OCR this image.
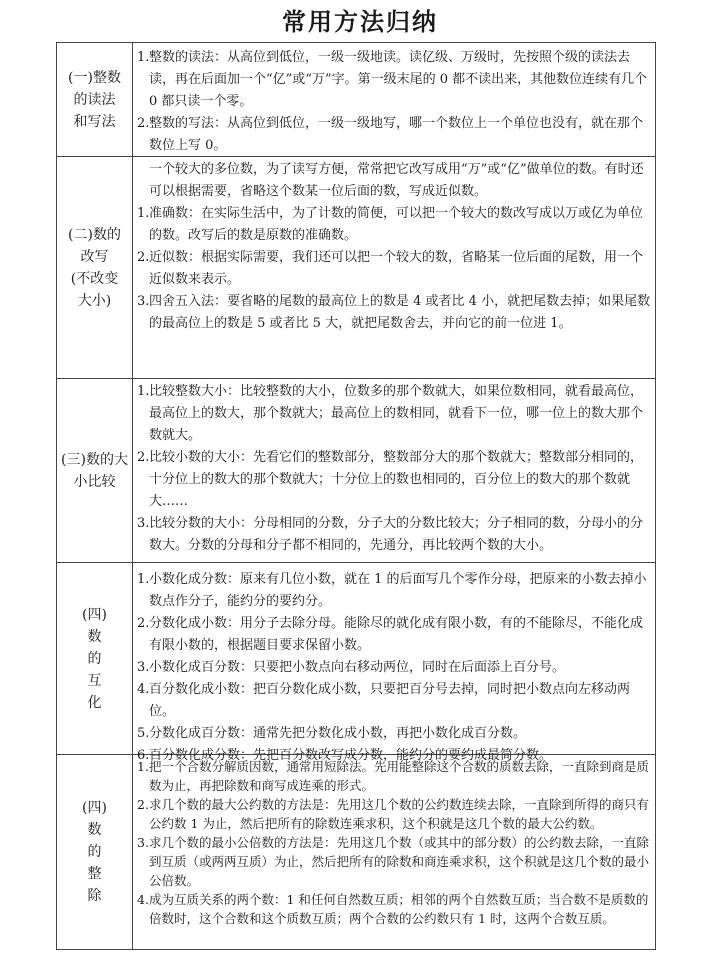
常用方法归纳
(一)整数
的读法
和写法
1. 整数的读法：从高位到低位，一级一级地读。读亿级、万级时，先按照个级的读法去读，再在后面加一个“亿”或“万”字。第一级末尾的 0 都不读出来，其他数位连续有几个 0 都只读一个零。
2. 整数的写法：从高位到低位，一级一级地写，哪一个数位上一个单位也没有，就在那个数位上写 0。
(二)数的
改写
(不改变
大小)
一个较大的多位数，为了读写方便，常常把它改写成用“万”或“亿”做单位的数。有时还可以根据需要，省略这个数某一位后面的数，写成近似数。
1. 准确数：在实际生活中，为了计数的简便，可以把一个较大的数改写成以万或亿为单位的数。改写后的数是原数的准确数。
2. 近似数：根据实际需要，我们还可以把一个较大的数，省略某一位后面的尾数，用一个近似数来表示。
3. 四舍五入法：要省略的尾数的最高位上的数是 4 或者比 4 小，就把尾数去掉；如果尾数的最高位上的数是 5 或者比 5 大，就把尾数舍去，并向它的前一位进 1。
(三)数的大
小比较
1. 比较整数大小：比较整数的大小，位数多的那个数就大，如果位数相同，就看最高位，最高位上的数大，那个数就大；最高位上的数相同，就看下一位，哪一位上的数大那个数就大。
2. 比较小数的大小：先看它们的整数部分，整数部分大的那个数就大；整数部分相同的，十分位上的数大的那个数就大；十分位上的数也相同的，百分位上的数大的那个数就大……
3. 比较分数的大小：分母相同的分数，分子大的分数比较大；分子相同的数，分母小的分数大。分数的分母和分子都不相同的，先通分，再比较两个数的大小。
(四)
数
的
互
化
1. 小数化成分数：原来有几位小数，就在 1 的后面写几个零作分母，把原来的小数去掉小数点作分子，能约分的要约分。
2. 分数化成小数：用分子去除分母。能除尽的就化成有限小数，有的不能除尽，不能化成有限小数的，根据题目要求保留小数。
3. 小数化成百分数：只要把小数点向右移动两位，同时在后面添上百分号。
4. 百分数化成小数：把百分数化成小数，只要把百分号去掉，同时把小数点向左移动两位。
5. 分数化成百分数：通常先把分数化成小数，再把小数化成百分数。
6. 百分数化成分数：先把百分数改写成分数，能约分的要约成最简分数。
(四)
数
的
整
除
1. 把一个合数分解质因数，通常用短除法。先用能整除这个合数的质数去除，一直除到商是质数为止，再把除数和商写成连乘的形式。
2. 求几个数的最大公约数的方法是：先用这几个数的公约数连续去除，一直除到所得的商只有公约数 1 为止，然后把所有的除数连乘求积，这个积就是这几个数的最大公约数。
3. 求几个数的最小公倍数的方法是：先用这几个数（或其中的部分数）的公约数去除，一直除到互质（或两两互质）为止，然后把所有的除数和商连乘求积，这个积就是这几个数的最小公倍数。
4. 成为互质关系的两个数：1 和任何自然数互质；相邻的两个自然数互质；当合数不是质数的倍数时，这个合数和这个质数互质；两个合数的公约数只有 1 时，这两个合数互质。
